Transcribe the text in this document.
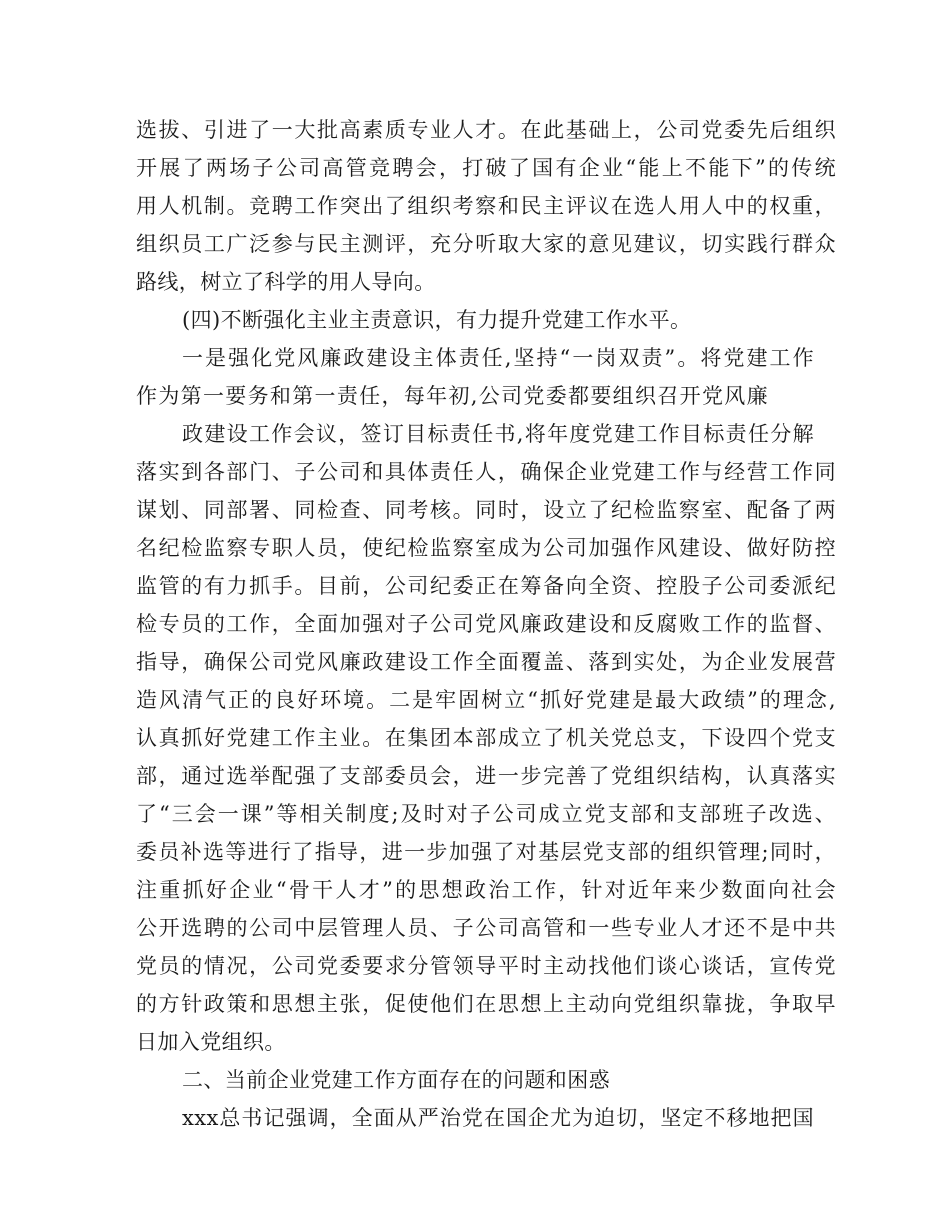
选拔、引进了一大批高素质专业人才。在此基础上，公司党委先后组织
开展了两场子公司高管竞聘会，打破了国有企业“能上不能下”的传统
用人机制。竞聘工作突出了组织考察和民主评议在选人用人中的权重，
组织员工广泛参与民主测评，充分听取大家的意见建议，切实践行群众
路线，树立了科学的用人导向。
(四)不断强化主业主责意识，有力提升党建工作水平。
一是强化党风廉政建设主体责任,坚持“一岗双责”。将党建工作
作为第一要务和第一责任，每年初,公司党委都要组织召开党风廉
政建设工作会议，签订目标责任书,将年度党建工作目标责任分解
落实到各部门、子公司和具体责任人，确保企业党建工作与经营工作同
谋划、同部署、同检查、同考核。同时，设立了纪检监察室、配备了两
名纪检监察专职人员，使纪检监察室成为公司加强作风建设、做好防控
监管的有力抓手。目前，公司纪委正在筹备向全资、控股子公司委派纪
检专员的工作，全面加强对子公司党风廉政建设和反腐败工作的监督、
指导，确保公司党风廉政建设工作全面覆盖、落到实处，为企业发展营
造风清气正的良好环境。二是牢固树立“抓好党建是最大政绩”的理念,
认真抓好党建工作主业。在集团本部成立了机关党总支，下设四个党支
部，通过选举配强了支部委员会，进一步完善了党组织结构，认真落实
了“三会一课”等相关制度;及时对子公司成立党支部和支部班子改选、
委员补选等进行了指导，进一步加强了对基层党支部的组织管理;同时，
注重抓好企业“骨干人才”的思想政治工作，针对近年来少数面向社会
公开选聘的公司中层管理人员、子公司高管和一些专业人才还不是中共
党员的情况，公司党委要求分管领导平时主动找他们谈心谈话，宣传党
的方针政策和思想主张，促使他们在思想上主动向党组织靠拢，争取早
日加入党组织。
二、当前企业党建工作方面存在的问题和困惑
xxx总书记强调，全面从严治党在国企尤为迫切，坚定不移地把国
